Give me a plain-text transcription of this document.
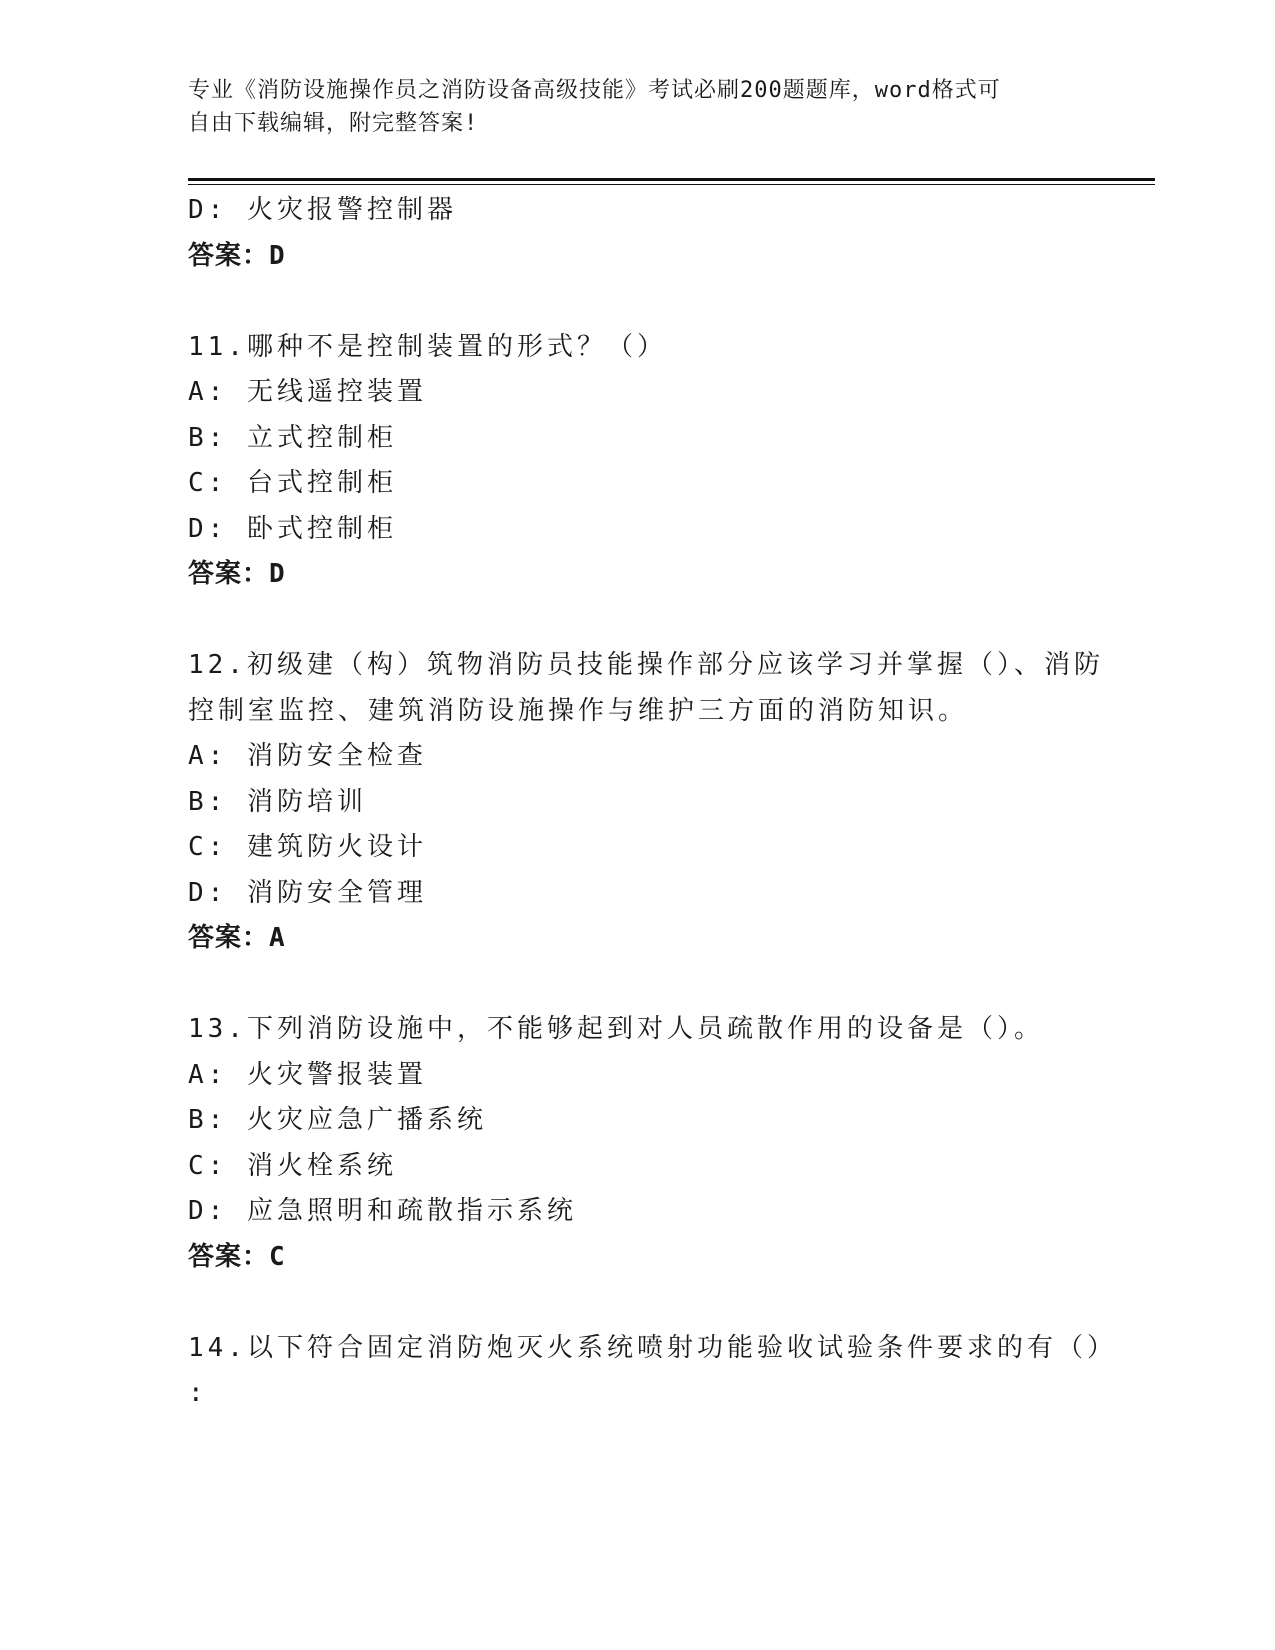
专业《消防设施操作员之消防设备高级技能》考试必刷200题题库，word格式可
自由下载编辑，附完整答案!
D: 火灾报警控制器
答案：D
11.哪种不是控制装置的形式？（）
A: 无线遥控装置
B: 立式控制柜
C: 台式控制柜
D: 卧式控制柜
答案：D
12.初级建（构）筑物消防员技能操作部分应该学习并掌握（）、消防
控制室监控、建筑消防设施操作与维护三方面的消防知识。
A: 消防安全检查
B: 消防培训
C: 建筑防火设计
D: 消防安全管理
答案：A
13.下列消防设施中，不能够起到对人员疏散作用的设备是（）。
A: 火灾警报装置
B: 火灾应急广播系统
C: 消火栓系统
D: 应急照明和疏散指示系统
答案：C
14.以下符合固定消防炮灭火系统喷射功能验收试验条件要求的有（）
:
